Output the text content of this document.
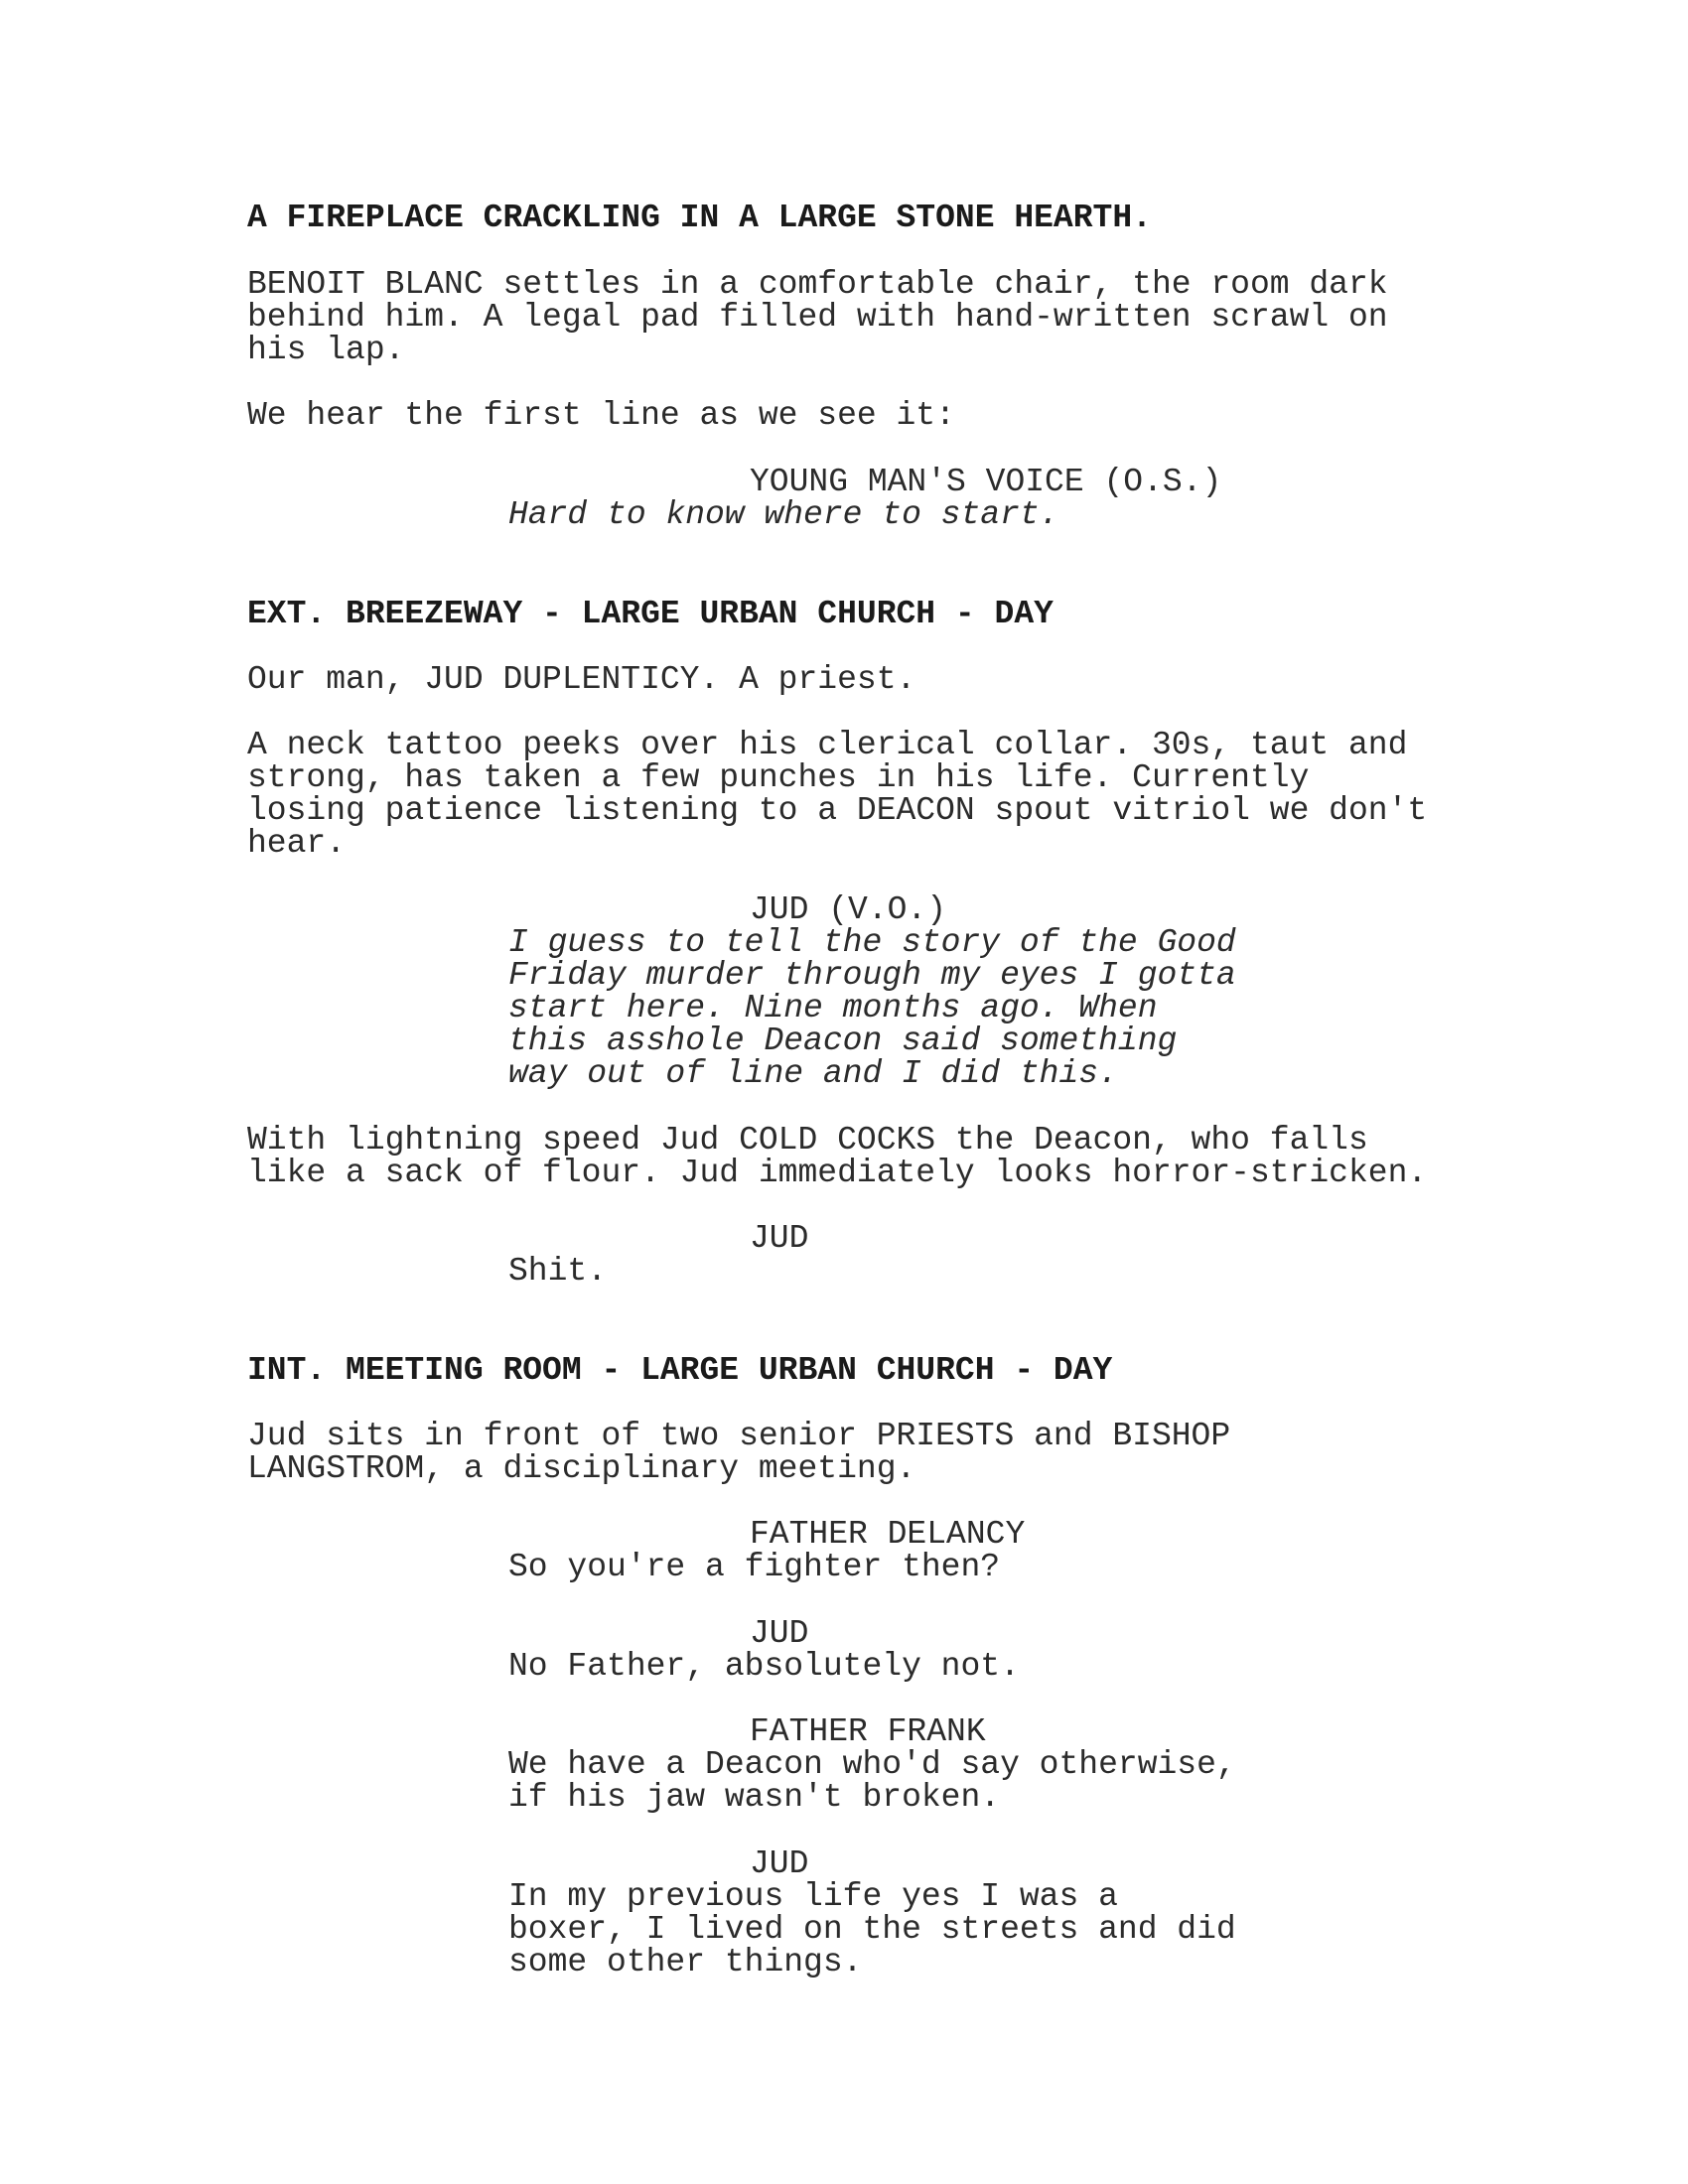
A FIREPLACE CRACKLING IN A LARGE STONE HEARTH.

BENOIT BLANC settles in a comfortable chair, the room dark

behind him. A legal pad filled with hand-written scrawl on

his lap.

We hear the first line as we see it:

YOUNG MAN'S VOICE (O.S.)

Hard to know where to start.

EXT. BREEZEWAY - LARGE URBAN CHURCH - DAY

Our man, JUD DUPLENTICY. A priest.

A neck tattoo peeks over his clerical collar. 30s, taut and

strong, has taken a few punches in his life. Currently

losing patience listening to a DEACON spout vitriol we don't

hear.

JUD (V.O.)

I guess to tell the story of the Good

Friday murder through my eyes I gotta

start here. Nine months ago. When

this asshole Deacon said something

way out of line and I did this.

With lightning speed Jud COLD COCKS the Deacon, who falls

like a sack of flour. Jud immediately looks horror-stricken.

JUD

Shit.

INT. MEETING ROOM - LARGE URBAN CHURCH - DAY

Jud sits in front of two senior PRIESTS and BISHOP

LANGSTROM, a disciplinary meeting.

FATHER DELANCY

So you're a fighter then?

JUD

No Father, absolutely not.

FATHER FRANK

We have a Deacon who'd say otherwise,

if his jaw wasn't broken.

JUD

In my previous life yes I was a

boxer, I lived on the streets and did

some other things.
